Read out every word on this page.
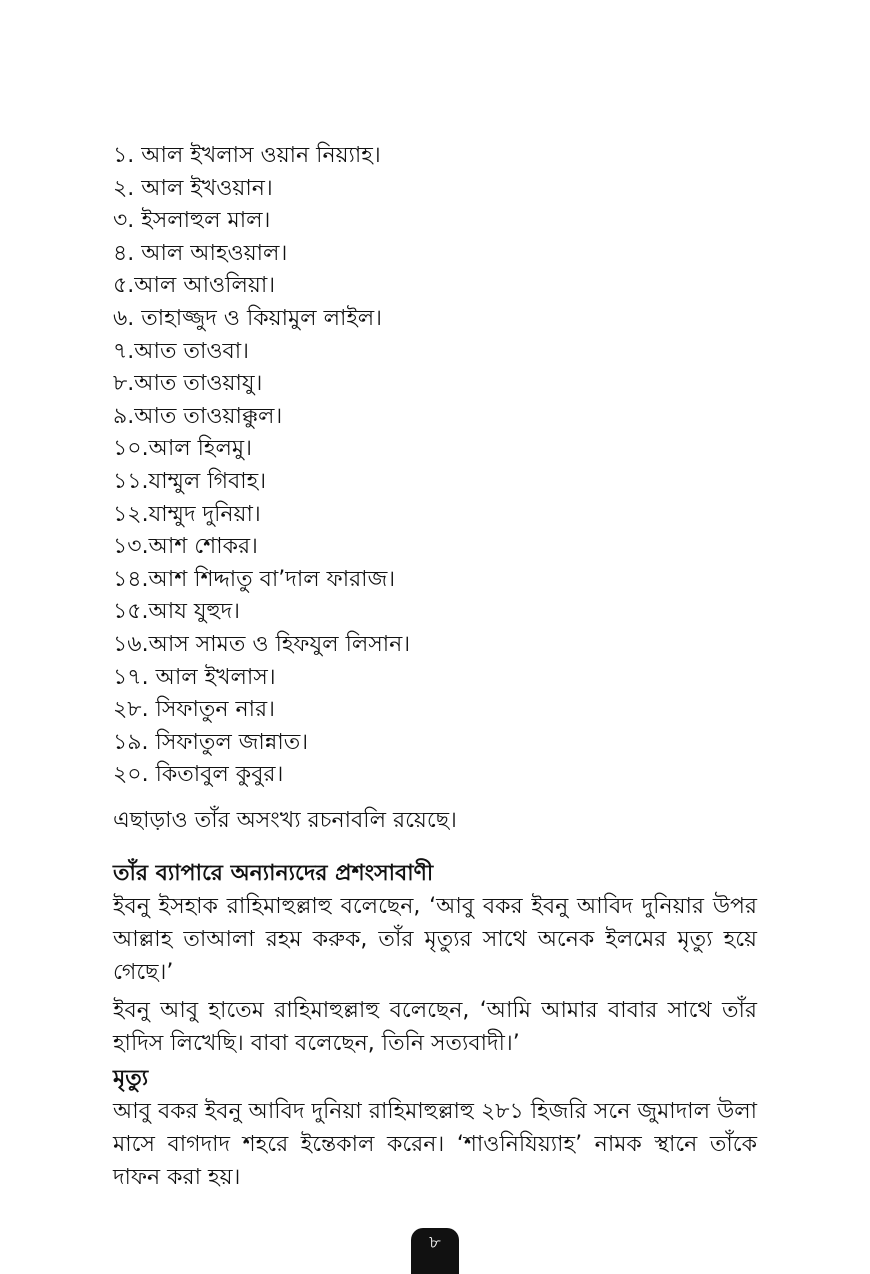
১. আল ইখলাস ওয়ান নিয়্যাহ।
২. আল ইখওয়ান।
৩. ইসলাহুল মাল।
৪. আল আহওয়াল।
৫.আল আওলিয়া।
৬. তাহাজ্জুদ ও কিয়ামুল লাইল।
৭.আত তাওবা।
৮.আত তাওয়াযু।
৯.আত তাওয়াক্কুল।
১০.আল হিলমু।
১১.যাম্মুল গিবাহ।
১২.যাম্মুদ দুনিয়া।
১৩.আশ শোকর।
১৪.আশ শিদ্দাতু বা’দাল ফারাজ।
১৫.আয যুহুদ।
১৬.আস সামত ও হিফযুল লিসান।
১৭. আল ইখলাস।
২৮. সিফাতুন নার।
১৯. সিফাতুল জান্নাত।
২০. কিতাবুল কুবুর।

এছাড়াও তাঁর অসংখ্য রচনাবলি রয়েছে।

তাঁর ব্যাপারে অন্যান্যদের প্রশংসাবাণী

ইবনু ইসহাক রাহিমাহুল্লাহু বলেছেন, ‘আবু বকর ইবনু আবিদ দুনিয়ার উপর আল্লাহ তাআলা রহম করুক, তাঁর মৃত্যুর সাথে অনেক ইলমের মৃত্যু হয়ে গেছে।’

ইবনু আবু হাতেম রাহিমাহুল্লাহু বলেছেন, ‘আমি আমার বাবার সাথে তাঁর হাদিস লিখেছি। বাবা বলেছেন, তিনি সত্যবাদী।’

মৃত্যু

আবু বকর ইবনু আবিদ দুনিয়া রাহিমাহুল্লাহু ২৮১ হিজরি সনে জুমাদাল উলা মাসে বাগদাদ শহরে ইন্তেকাল করেন। ‘শাওনিযিয়্যাহ’ নামক স্থানে তাঁকে দাফন করা হয়।

৮
